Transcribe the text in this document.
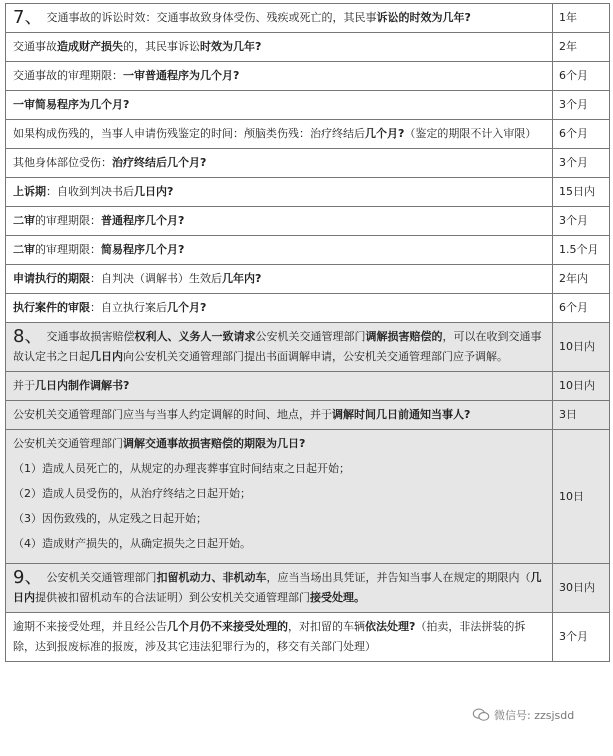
7、 交通事故的诉讼时效：交通事故致身体受伤、残疾或死亡的，其民事诉讼的时效为几年?	1年
交通事故造成财产损失的，其民事诉讼时效为几年?	2年
交通事故的审理期限：一审普通程序为几个月?	6个月
一审简易程序为几个月?	3个月
如果构成伤残的，当事人申请伤残鉴定的时间：颅脑类伤残：治疗终结后几个月?（鉴定的期限不计入审限）	6个月
其他身体部位受伤：治疗终结后几个月?	3个月
上诉期：自收到判决书后几日内?	15日内
二审的审理期限：普通程序几个月?	3个月
二审的审理期限：简易程序几个月?	1.5个月
申请执行的期限：自判决（调解书）生效后几年内?	2年内
执行案件的审限：自立执行案后几个月?	6个月
8、 交通事故损害赔偿权利人、义务人一致请求公安机关交通管理部门调解损害赔偿的，可以在收到交通事故认定书之日起几日内向公安机关交通管理部门提出书面调解申请，公安机关交通管理部门应予调解。	10日内
并于几日内制作调解书?	10日内
公安机关交通管理部门应当与当事人约定调解的时间、地点，并于调解时间几日前通知当事人?	3日
公安机关交通管理部门调解交通事故损害赔偿的期限为几日?
（1）造成人员死亡的，从规定的办理丧葬事宜时间结束之日起开始；
（2）造成人员受伤的，从治疗终结之日起开始；
（3）因伤致残的，从定残之日起开始；
（4）造成财产损失的，从确定损失之日起开始。	10日
9、 公安机关交通管理部门扣留机动力、非机动车，应当当场出具凭证，并告知当事人在规定的期限内（几日内提供被扣留机动车的合法证明）到公安机关交通管理部门接受处理。	30日内
逾期不来接受处理，并且经公告几个月仍不来接受处理的，对扣留的车辆依法处理?（拍卖，非法拼装的拆除，达到报废标准的报废，涉及其它违法犯罪行为的，移交有关部门处理）	3个月
微信号: zzsjsdd
